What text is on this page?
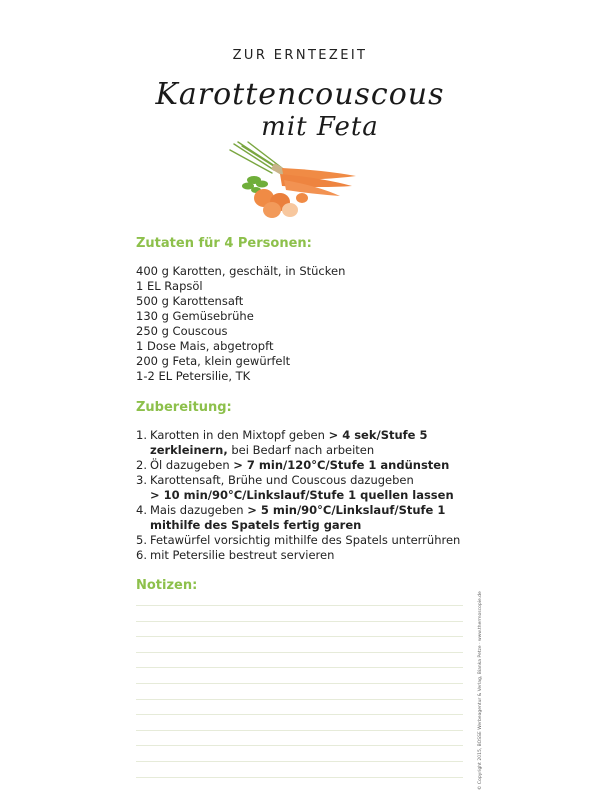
ZUR ERNTEZEIT
Karottencouscous
mit Feta
Zutaten für 4 Personen:
400 g Karotten, geschält, in Stücken
1 EL Rapsöl
500 g Karottensaft
130 g Gemüsebrühe
250 g Couscous
1 Dose Mais, abgetropft
200 g Feta, klein gewürfelt
1-2 EL Petersilie, TK
Zubereitung:
1. Karotten in den Mixtopf geben > 4 sek/Stufe 5
zerkleinern, bei Bedarf nach arbeiten
2. Öl dazugeben > 7 min/120°C/Stufe 1 andünsten
3. Karottensaft, Brühe und Couscous dazugeben
> 10 min/90°C/Linkslauf/Stufe 1 quellen lassen
4. Mais dazugeben > 5 min/90°C/Linkslauf/Stufe 1
mithilfe des Spatels fertig garen
5. Fetawürfel vorsichtig mithilfe des Spatels unterrühren
6. mit Petersilie bestreut servieren
Notizen:
© Copyright 2015, BOSSE Werbeagentur & Verlag, Bianka Petze · www.thermoscopie.de
